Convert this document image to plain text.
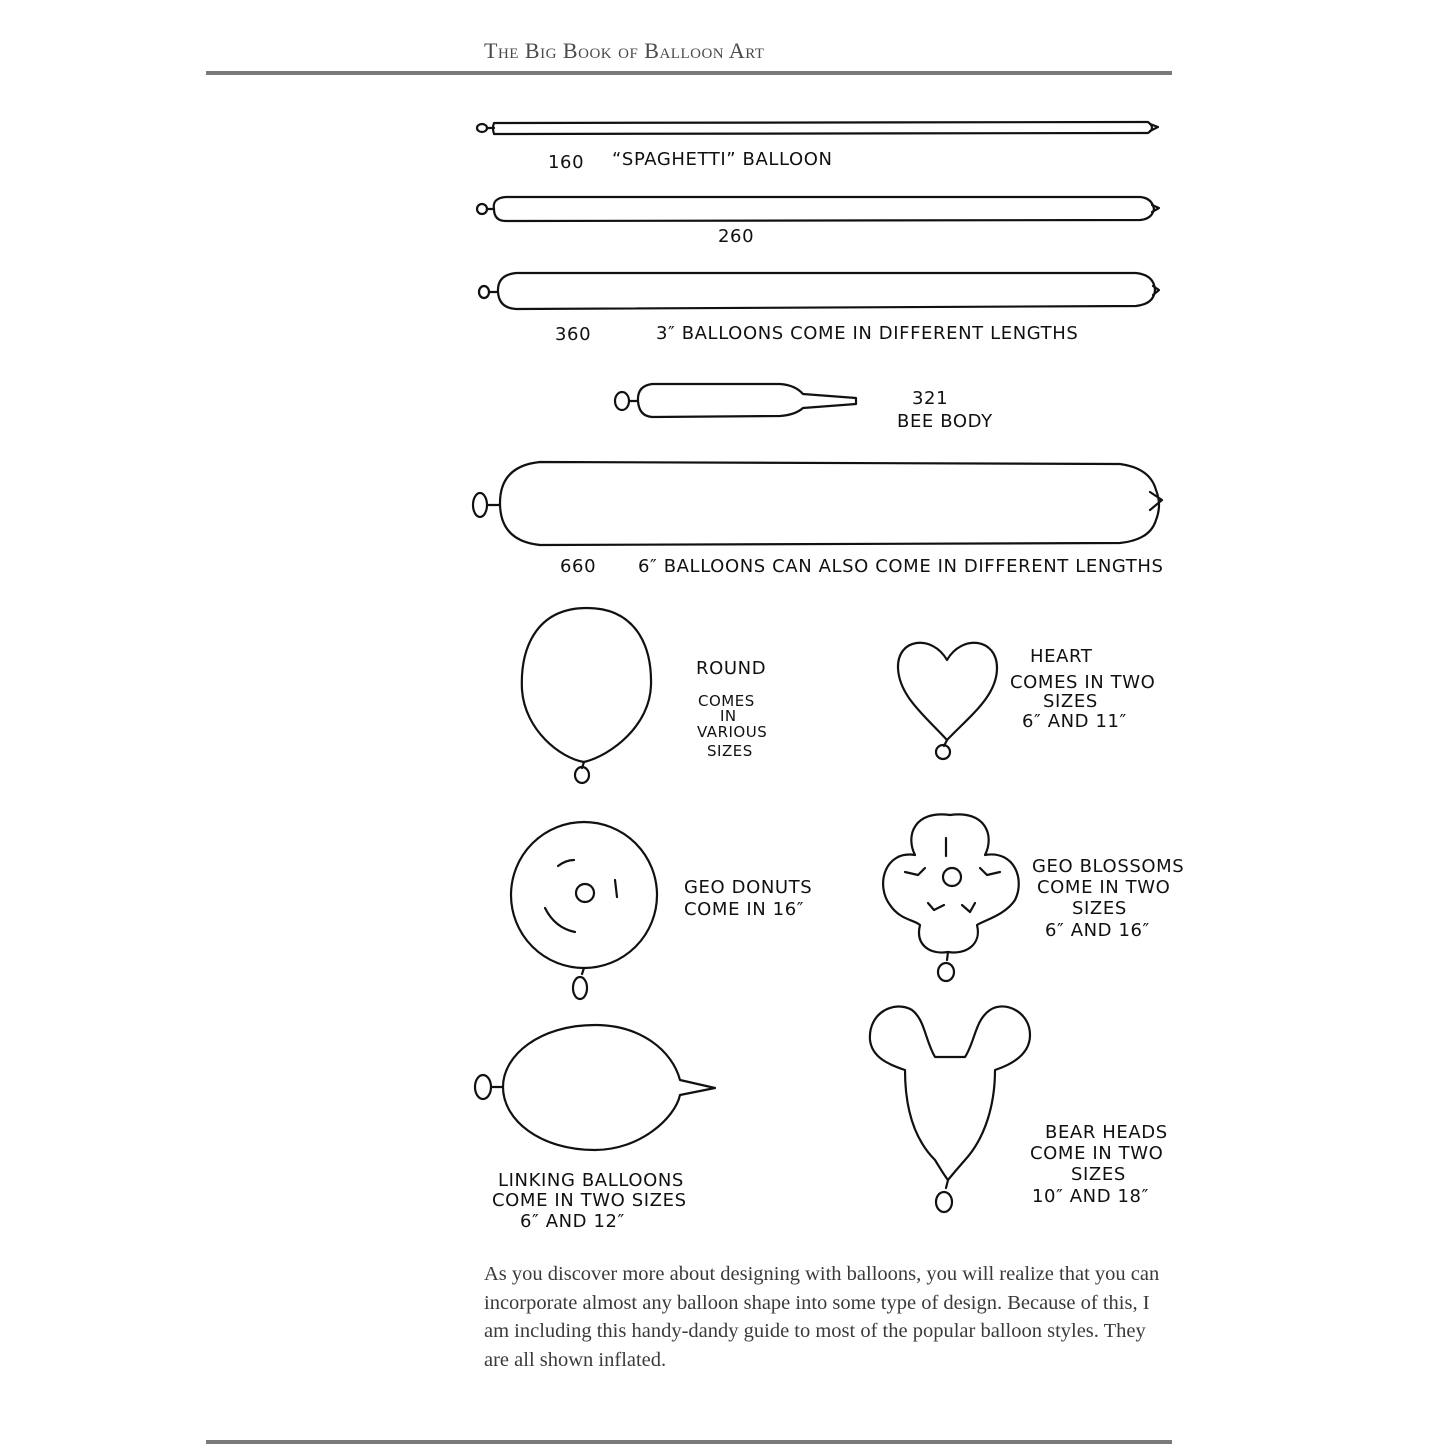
The Big Book of Balloon Art
160 “SPAGHETTI” BALLOON
260
360	3″ BALLOONS COME IN DIFFERENT LENGTHS
321
BEE BODY
660 6″ BALLOONS CAN ALSO COME IN DIFFERENT LENGTHS
ROUND
COMES
IN
VARIOUS
SIZES
HEART
COMES IN TWO
SIZES
6″ AND 11″
GEO DONUTS
COME IN 16″
GEO BLOSSOMS
COME IN TWO
SIZES
6″ AND 16″
LINKING BALLOONS
COME IN TWO SIZES
6″ AND 12″
BEAR HEADS
COME IN TWO
SIZES
10″ AND 18″

As you discover more about designing with balloons, you will realize that you can incorporate almost any balloon shape into some type of design. Because of this, I am including this handy-dandy guide to most of the popular balloon styles. They are all shown inflated.
